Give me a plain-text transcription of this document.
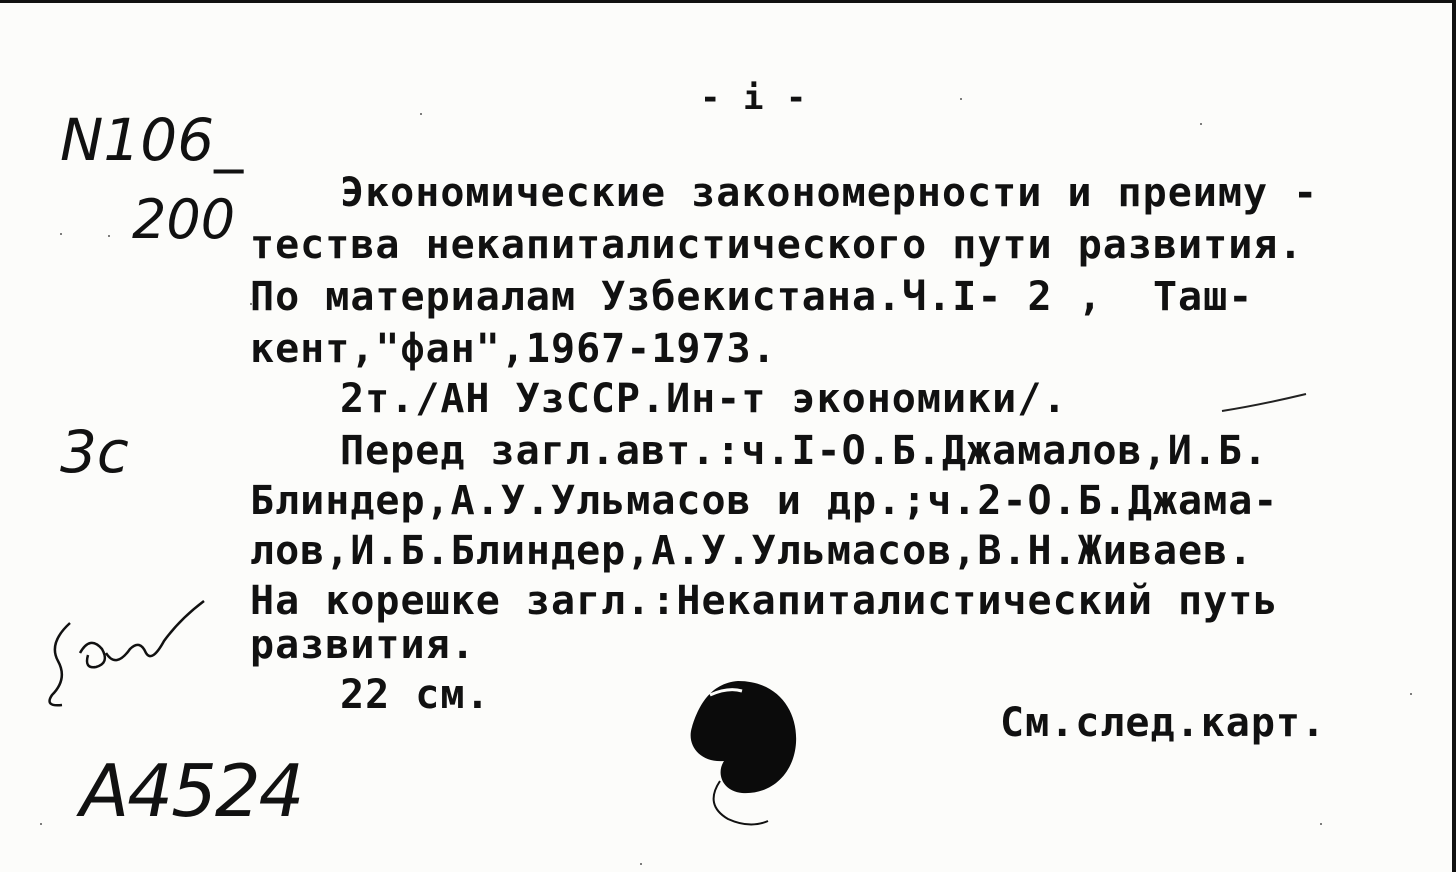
- i -
N106_
200	Экономические закономерности и преиму -
тества некапиталистического пути развития.
По материалам Узбекистана.Ч.I- 2 ,  Таш-
кент,"фан",1967-1973.
2т./АН УзССР.Ин-т экономики/.
3c	Перед загл.авт.:ч.I-О.Б.Джамалов,И.Б.
Блиндер,А.У.Ульмасов и др.;ч.2-О.Б.Джама-
лов,И.Б.Блиндер,А.У.Ульмасов,В.Н.Живаев.
На корешке загл.:Некапиталистический путь
развития.
22 см.
См.след.карт.
A4524
